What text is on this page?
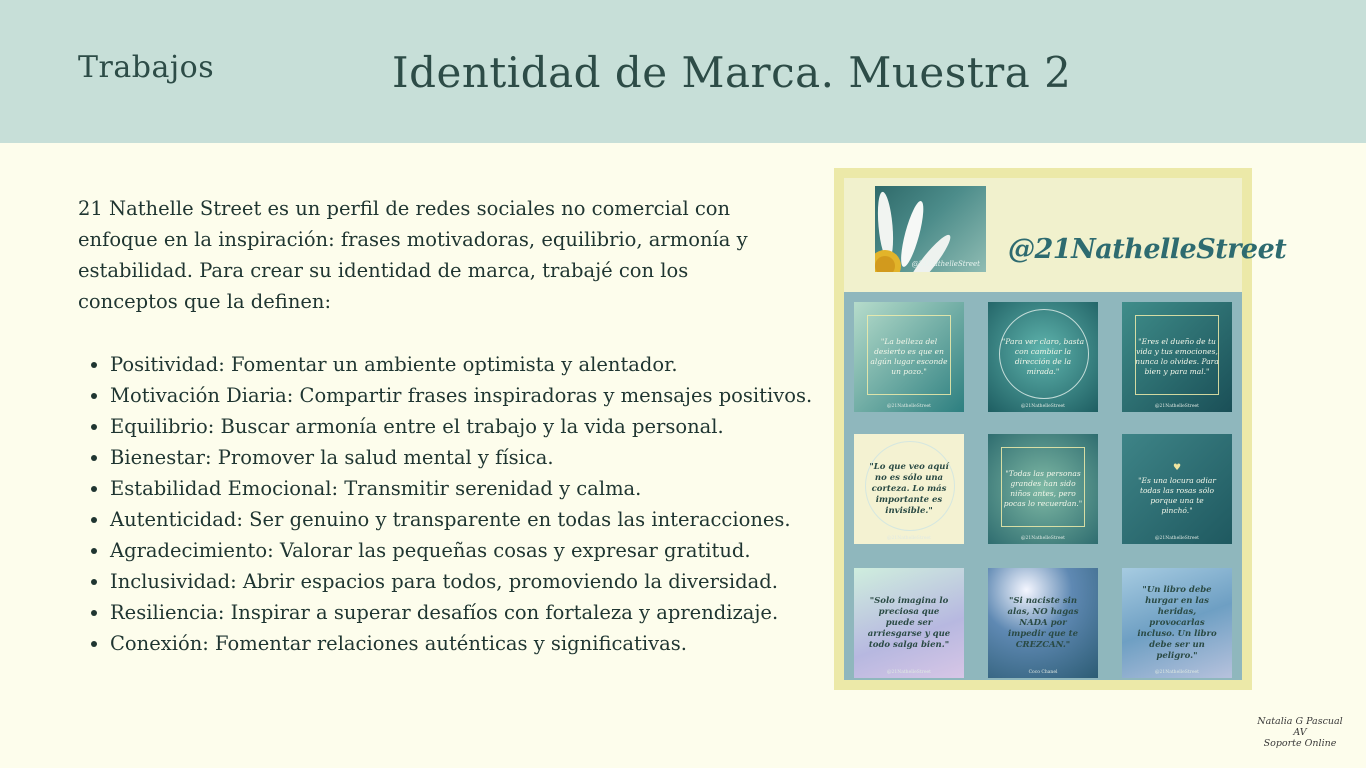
Trabajos	Identidad de Marca. Muestra 2

21 Nathelle Street es un perfil de redes sociales no comercial con enfoque en la inspiración: frases motivadoras, equilibrio, armonía y estabilidad. Para crear su identidad de marca, trabajé con los conceptos que la definen:

• Positividad: Fomentar un ambiente optimista y alentador.
• Motivación Diaria: Compartir frases inspiradoras y mensajes positivos.
• Equilibrio: Buscar armonía entre el trabajo y la vida personal.
• Bienestar: Promover la salud mental y física.
• Estabilidad Emocional: Transmitir serenidad y calma.
• Autenticidad: Ser genuino y transparente en todas las interacciones.
• Agradecimiento: Valorar las pequeñas cosas y expresar gratitud.
• Inclusividad: Abrir espacios para todos, promoviendo la diversidad.
• Resiliencia: Inspirar a superar desafíos con fortaleza y aprendizaje.
• Conexión: Fomentar relaciones auténticas y significativas.
@21NathelleStreet @21NathelleStreet
"La belleza del desierto es que en algún lugar esconde un pozo."
@21NathelleStreet
"Para ver claro, basta con cambiar la dirección de la mirada."
@21NathelleStreet
"Eres el dueño de tu vida y tus emociones, nunca lo olvides. Para bien y para mal."
@21NathelleStreet
"Lo que veo aquí no es sólo una corteza. Lo más importante es invisible."
@21NathelleStreet
"Todas las personas grandes han sido niños antes, pero pocas lo recuerdan."
@21NathelleStreet
♥
"Es una locura odiar todas las rosas sólo porque una te pinchó."
@21NathelleStreet
"Solo imagina lo preciosa que puede ser arriesgarse y que todo salga bien."
@21NathelleStreet
"Si naciste sin alas, NO hagas NADA por impedir que te CREZCAN."
Coco Chanel
"Un libro debe hurgar en las heridas, provocarlas incluso. Un libro debe ser un peligro."
@21NathelleStreet
Natalia G Pascual AV
Soporte Online
